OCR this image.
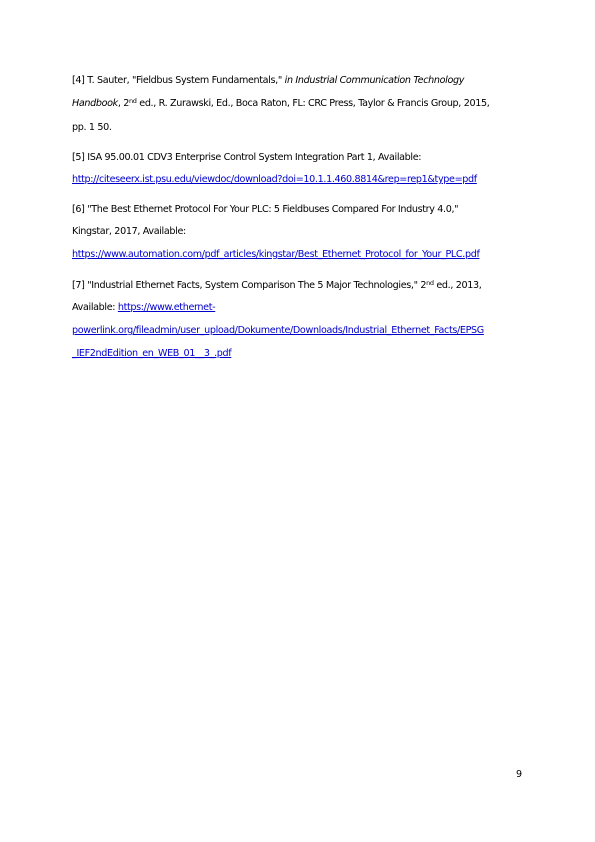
[4] T. Sauter, "Fieldbus System Fundamentals," in Industrial Communication Technology
Handbook, 2nd ed., R. Zurawski, Ed., Boca Raton, FL: CRC Press, Taylor & Francis Group, 2015,
pp. 1 50.
[5] ISA 95.00.01 CDV3 Enterprise Control System Integration Part 1, Available:
http://citeseerx.ist.psu.edu/viewdoc/download?doi=10.1.1.460.8814&rep=rep1&type=pdf
[6] "The Best Ethernet Protocol For Your PLC: 5 Fieldbuses Compared For Industry 4.0,"
Kingstar, 2017, Available:
https://www.automation.com/pdf_articles/kingstar/Best_Ethernet_Protocol_for_Your_PLC.pdf
[7] "Industrial Ethernet Facts, System Comparison The 5 Major Technologies," 2nd ed., 2013,
Available: https://www.ethernet-
powerlink.org/fileadmin/user_upload/Dokumente/Downloads/Industrial_Ethernet_Facts/EPSG
_IEF2ndEdition_en_WEB_01__3_.pdf
9
